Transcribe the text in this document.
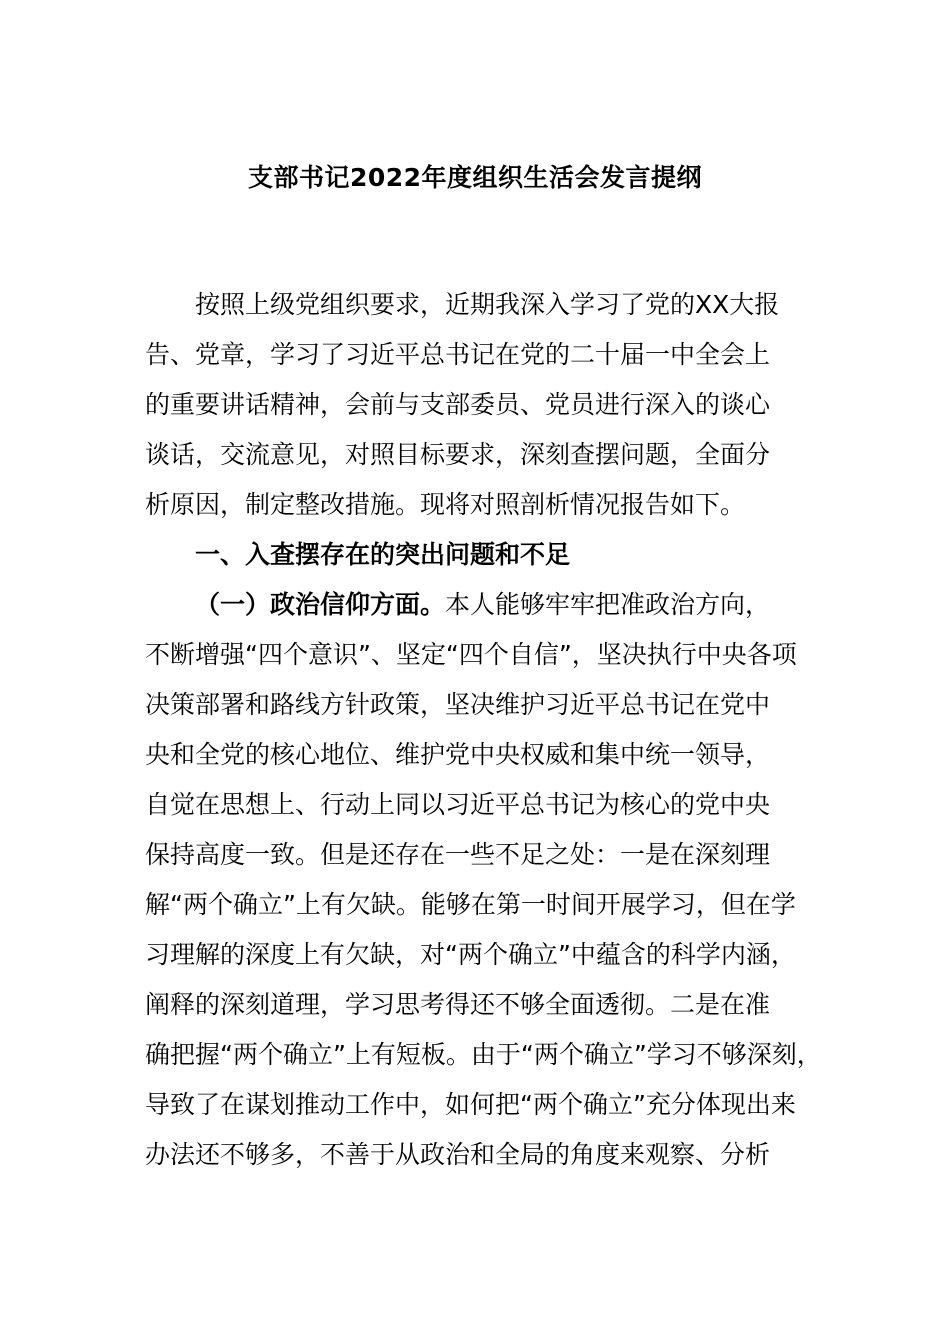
支部书记2022年度组织生活会发言提纲
按照上级党组织要求，近期我深入学习了党的XX大报
告、党章，学习了习近平总书记在党的二十届一中全会上
的重要讲话精神，会前与支部委员、党员进行深入的谈心
谈话，交流意见，对照目标要求，深刻查摆问题，全面分
析原因，制定整改措施。现将对照剖析情况报告如下。
一、入查摆存在的突出问题和不足
（一）政治信仰方面。本人能够牢牢把准政治方向，
不断增强“四个意识”、坚定“四个自信”，坚决执行中央各项
决策部署和路线方针政策，坚决维护习近平总书记在党中
央和全党的核心地位、维护党中央权威和集中统一领导，
自觉在思想上、行动上同以习近平总书记为核心的党中央
保持高度一致。但是还存在一些不足之处：一是在深刻理
解“两个确立”上有欠缺。能够在第一时间开展学习，但在学
习理解的深度上有欠缺，对“两个确立”中蕴含的科学内涵，
阐释的深刻道理，学习思考得还不够全面透彻。二是在准
确把握“两个确立”上有短板。由于“两个确立”学习不够深刻，
导致了在谋划推动工作中，如何把“两个确立”充分体现出来
办法还不够多，不善于从政治和全局的角度来观察、分析
